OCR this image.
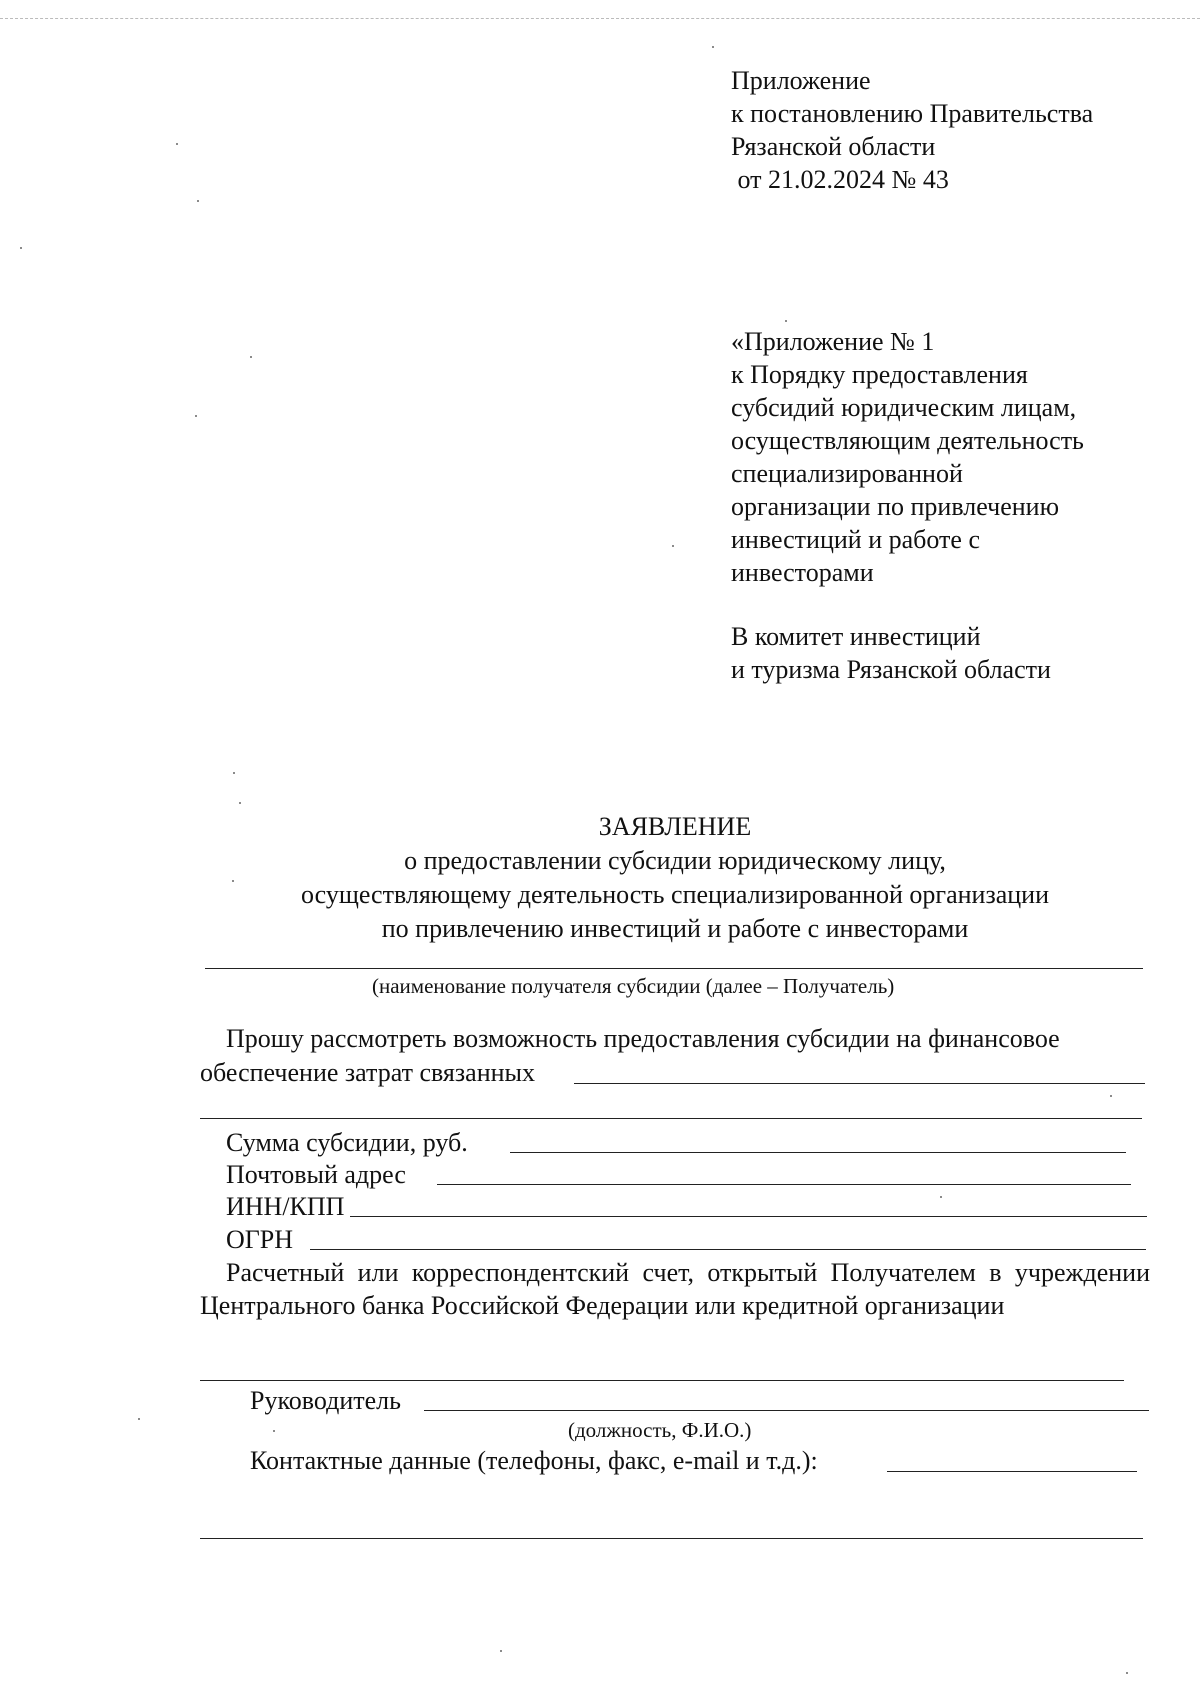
Приложение
к постановлению Правительства
Рязанской области
от 21.02.2024 № 43
«Приложение № 1
к Порядку предоставления
субсидий юридическим лицам,
осуществляющим деятельность
специализированной
организации по привлечению
инвестиций и работе с
инвесторами
В комитет инвестиций
и туризма Рязанской области
ЗАЯВЛЕНИЕ
о предоставлении субсидии юридическому лицу,
осуществляющему деятельность специализированной организации
по привлечению инвестиций и работе с инвесторами
(наименование получателя субсидии (далее – Получатель)
Прошу рассмотреть возможность предоставления субсидии на финансовое
обеспечение затрат связанных
Сумма субсидии, руб.
Почтовый адрес
ИНН/КПП
ОГРН
Расчетный или корреспондентский счет, открытый Получателем в учреждении Центрального банка Российской Федерации или кредитной организации
Руководитель
(должность, Ф.И.О.)
Контактные данные (телефоны, факс, e-mail и т.д.):
